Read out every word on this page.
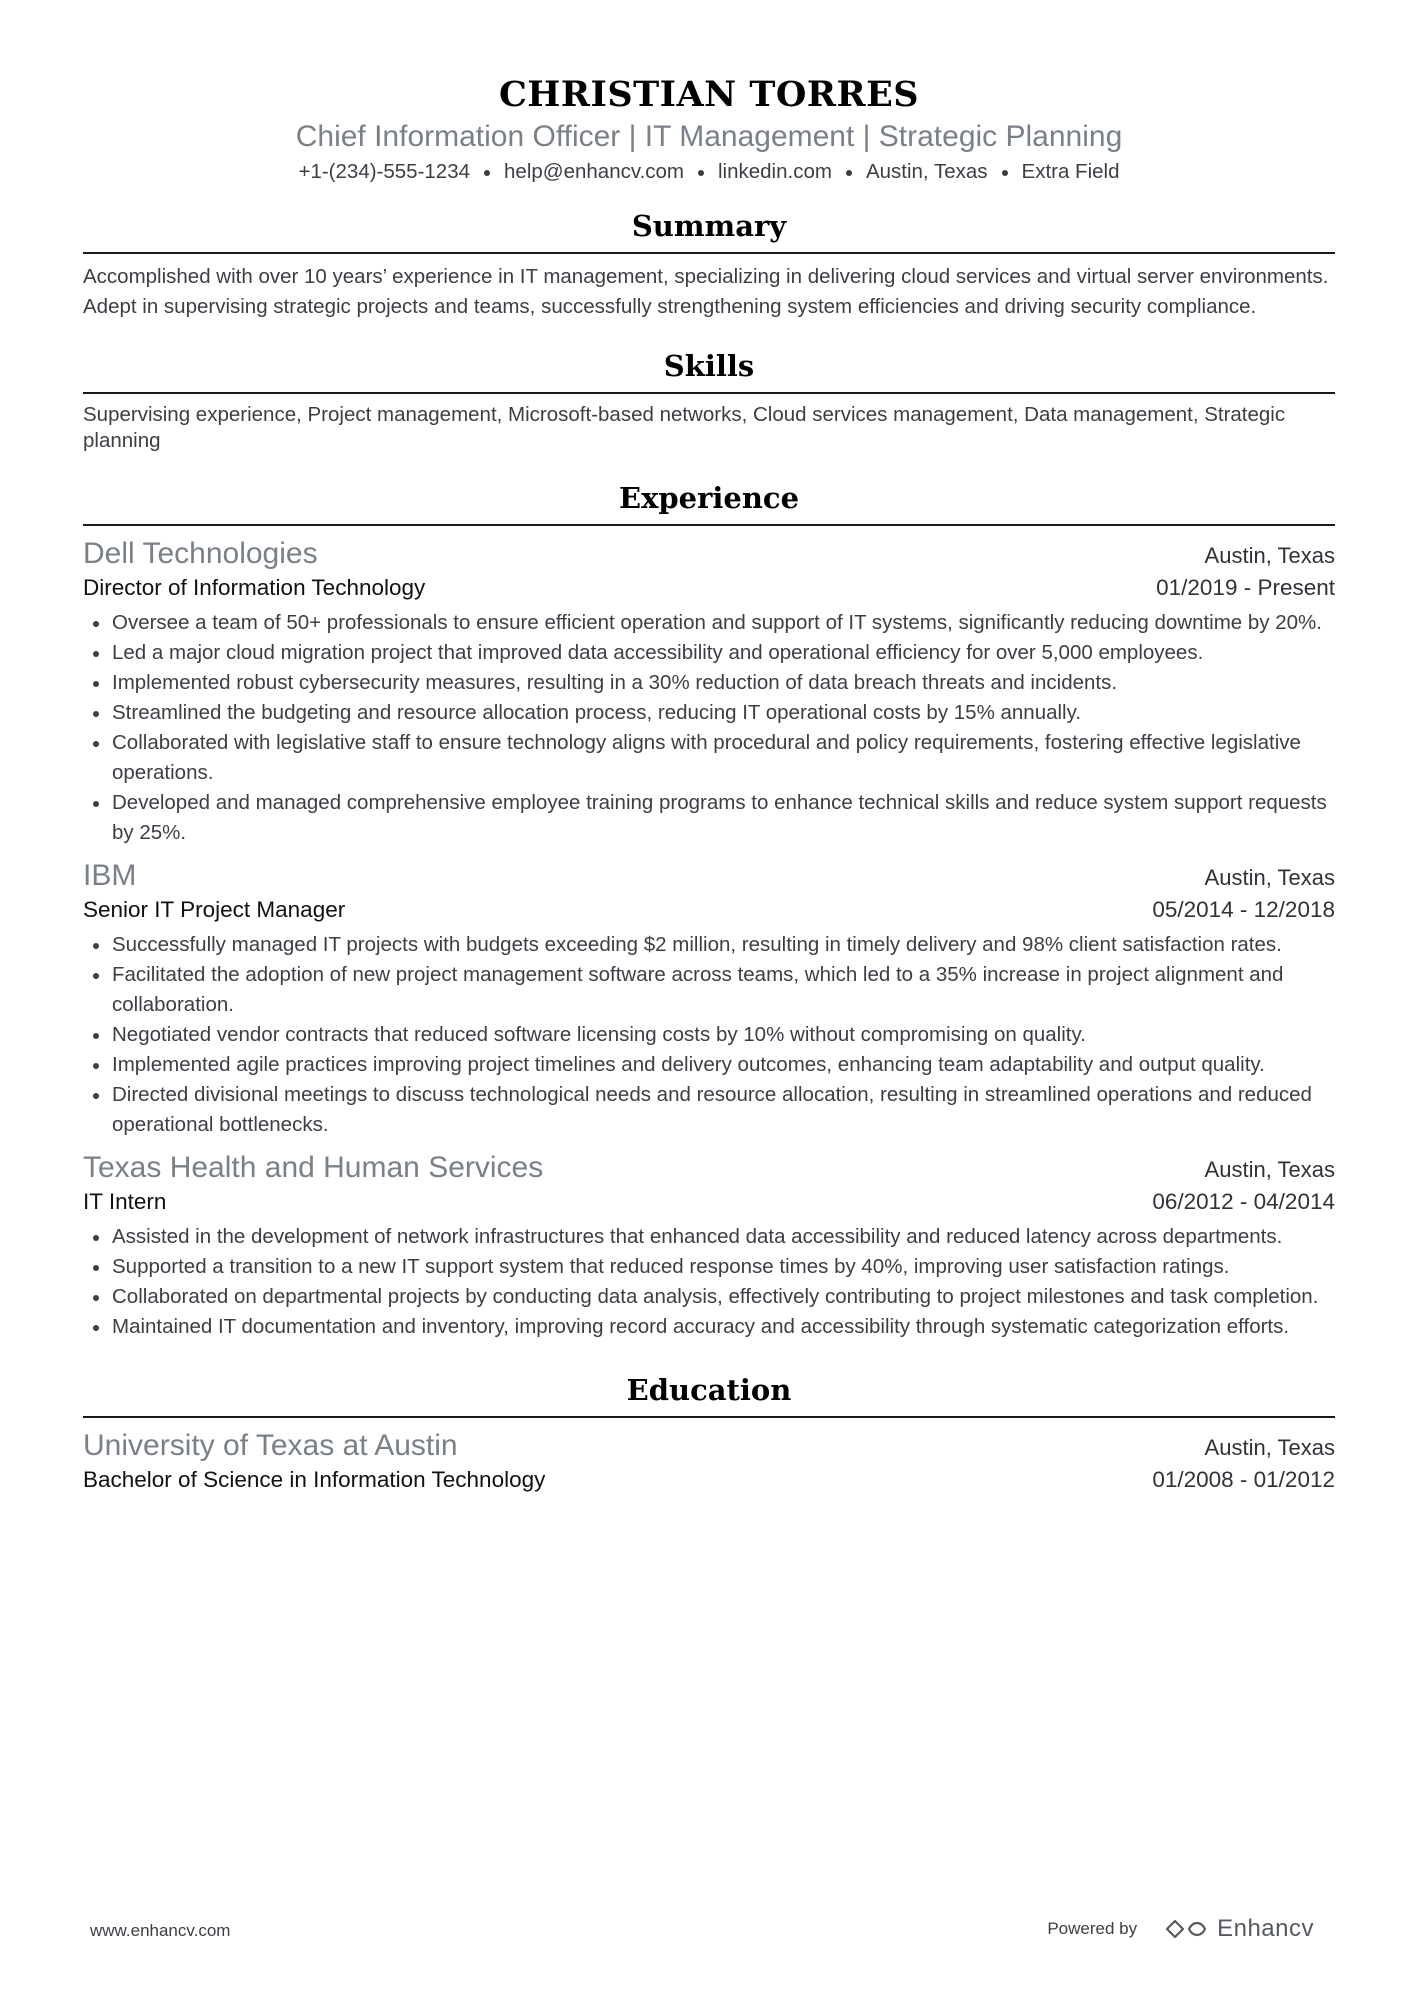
CHRISTIAN TORRES
Chief Information Officer | IT Management | Strategic Planning
+1-(234)-555-1234 help@enhancv.com linkedin.com Austin, Texas Extra Field
Summary
Accomplished with over 10 years’ experience in IT management, specializing in delivering cloud services and virtual server environments. Adept in supervising strategic projects and teams, successfully strengthening system efficiencies and driving security compliance.
Skills
Supervising experience, Project management, Microsoft-based networks, Cloud services management, Data management, Strategic planning
Experience
Dell Technologies	Austin, Texas
Director of Information Technology	01/2019 - Present
Oversee a team of 50+ professionals to ensure efficient operation and support of IT systems, significantly reducing downtime by 20%.
Led a major cloud migration project that improved data accessibility and operational efficiency for over 5,000 employees.
Implemented robust cybersecurity measures, resulting in a 30% reduction of data breach threats and incidents.
Streamlined the budgeting and resource allocation process, reducing IT operational costs by 15% annually.
Collaborated with legislative staff to ensure technology aligns with procedural and policy requirements, fostering effective legislative operations.
Developed and managed comprehensive employee training programs to enhance technical skills and reduce system support requests by 25%.
IBM	Austin, Texas
Senior IT Project Manager	05/2014 - 12/2018
Successfully managed IT projects with budgets exceeding $2 million, resulting in timely delivery and 98% client satisfaction rates.
Facilitated the adoption of new project management software across teams, which led to a 35% increase in project alignment and collaboration.
Negotiated vendor contracts that reduced software licensing costs by 10% without compromising on quality.
Implemented agile practices improving project timelines and delivery outcomes, enhancing team adaptability and output quality.
Directed divisional meetings to discuss technological needs and resource allocation, resulting in streamlined operations and reduced operational bottlenecks.
Texas Health and Human Services	Austin, Texas
IT Intern	06/2012 - 04/2014
Assisted in the development of network infrastructures that enhanced data accessibility and reduced latency across departments.
Supported a transition to a new IT support system that reduced response times by 40%, improving user satisfaction ratings.
Collaborated on departmental projects by conducting data analysis, effectively contributing to project milestones and task completion.
Maintained IT documentation and inventory, improving record accuracy and accessibility through systematic categorization efforts.
Education
University of Texas at Austin	Austin, Texas
Bachelor of Science in Information Technology	01/2008 - 01/2012
www.enhancv.com	Powered by	Enhancv
